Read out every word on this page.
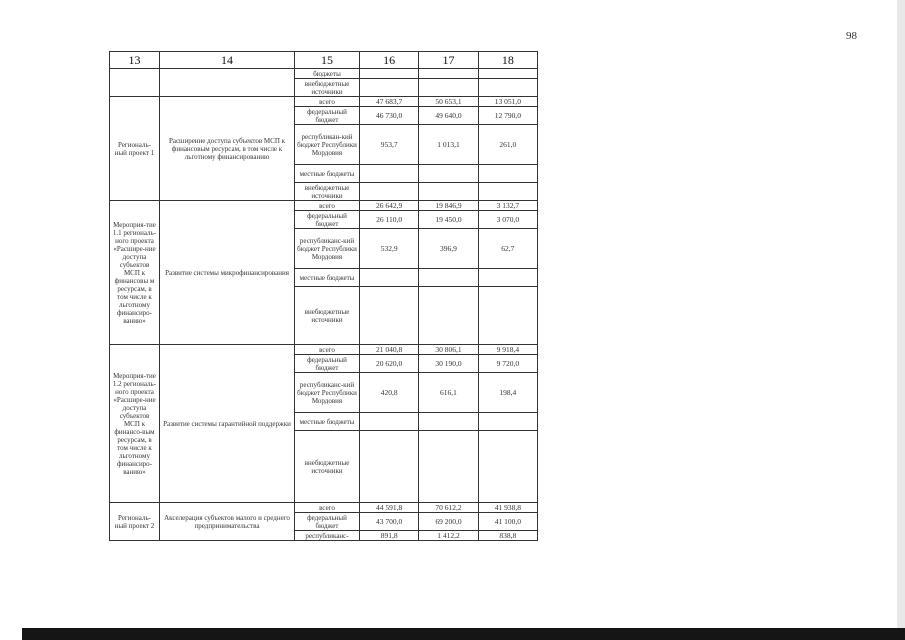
98
13	14	15	16	17	18
		бюджеты			
		внебюджетные источники			
Региональ-ный проект 1	Расширение доступа субъектов МСП к финансовым ресурсам, в том числе к льготному финансированию	всего	47 683,7	50 653,1	13 051,0
		федеральный бюджет	46 730,0	49 640,0	12 790,0
		республикан-кий бюджет Республики Мордовия	953,7	1 013,1	261,0
		местные бюджеты			
		внебюджетные источники			
Мероприя-тие 1.1 региональ-ного проекта «Расшире-ние доступа субъектов МСП к финансовы м ресурсам, в том числе к льготному финансиро-ванию»	Развитие системы микрофинансирования	всего	26 642,9	19 846,9	3 132,7
		федеральный бюджет	26 110,0	19 450,0	3 070,0
		республиканс-кий бюджет Республики Мордовия	532,9	396,9	62,7
		местные бюджеты			
		внебюджетные источники			
Мероприя-тие 1.2 региональ-ного проекта «Расшире-ние доступа субъектов МСП к финансо-вым ресурсам, в том числе к льготному финансиро-ванию»	Развитие системы гарантийной поддержки	всего	21 040,8	30 806,1	9 918,4
		федеральный бюджет	20 620,0	30 190,0	9 720,0
		республиканс-кий бюджет Республики Мордовия	420,8	616,1	198,4
		местные бюджеты			
		внебюджетные источники			
Региональ-ный проект 2	Акселерация субъектов малого и среднего предпринимательства	всего	44 591,8	70 612,2	41 938,8
		федеральный бюджет	43 700,0	69 200,0	41 100,0
		республиканс-	891,8	1 412,2	838,8
